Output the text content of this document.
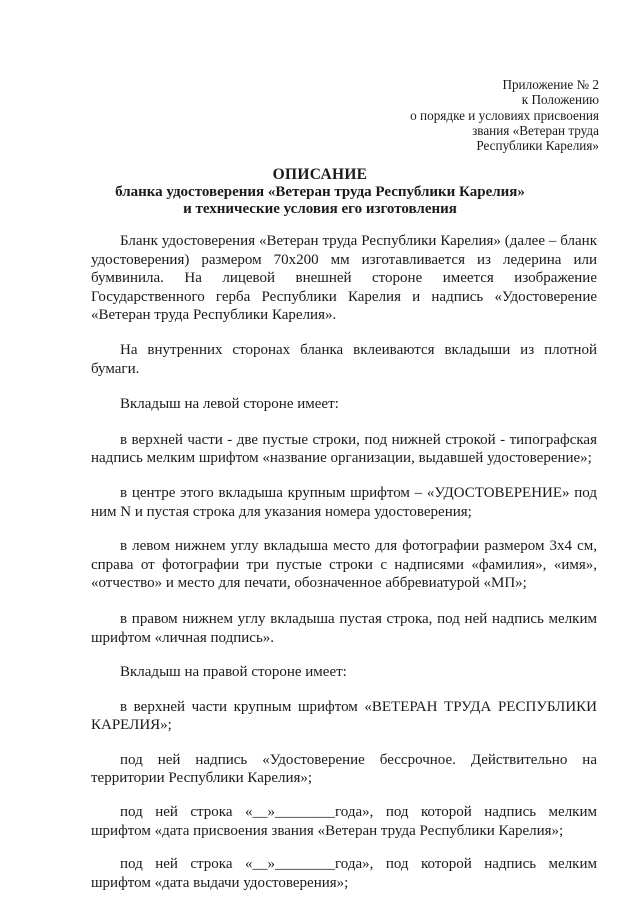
Приложение № 2
к Положению
о порядке и условиях присвоения
звания «Ветеран труда
Республики Карелия»
ОПИСАНИЕ
бланка удостоверения «Ветеран труда Республики Карелия»
и технические условия его изготовления

Бланк удостоверения «Ветеран труда Республики Карелия» (далее – бланк удостоверения) размером 70х200 мм изготавливается из ледерина или бумвинила. На лицевой внешней стороне имеется изображение Государственного герба Республики Карелия и надпись «Удостоверение «Ветеран труда Республики Карелия».

На внутренних сторонах бланка вклеиваются вкладыши из плотной бумаги.

Вкладыш на левой стороне имеет:

в верхней части - две пустые строки, под нижней строкой - типографская надпись мелким шрифтом «название организации, выдавшей удостоверение»;

в центре этого вкладыша крупным шрифтом – «УДОСТОВЕРЕНИЕ» под ним N и пустая строка для указания номера удостоверения;

в левом нижнем углу вкладыша место для фотографии размером 3х4 см, справа от фотографии три пустые строки с надписями «фамилия», «имя», «отчество» и место для печати, обозначенное аббревиатурой «МП»;

в правом нижнем углу вкладыша пустая строка, под ней надпись мелким шрифтом «личная подпись».

Вкладыш на правой стороне имеет:

в верхней части крупным шрифтом «ВЕТЕРАН ТРУДА РЕСПУБЛИКИ КАРЕЛИЯ»;

под ней надпись «Удостоверение бессрочное. Действительно на территории Республики Карелия»;

под ней строка «__»________года», под которой надпись мелким шрифтом «дата присвоения звания «Ветеран труда Республики Карелия»;

под ней строка «__»________года», под которой надпись мелким шрифтом «дата выдачи удостоверения»;
